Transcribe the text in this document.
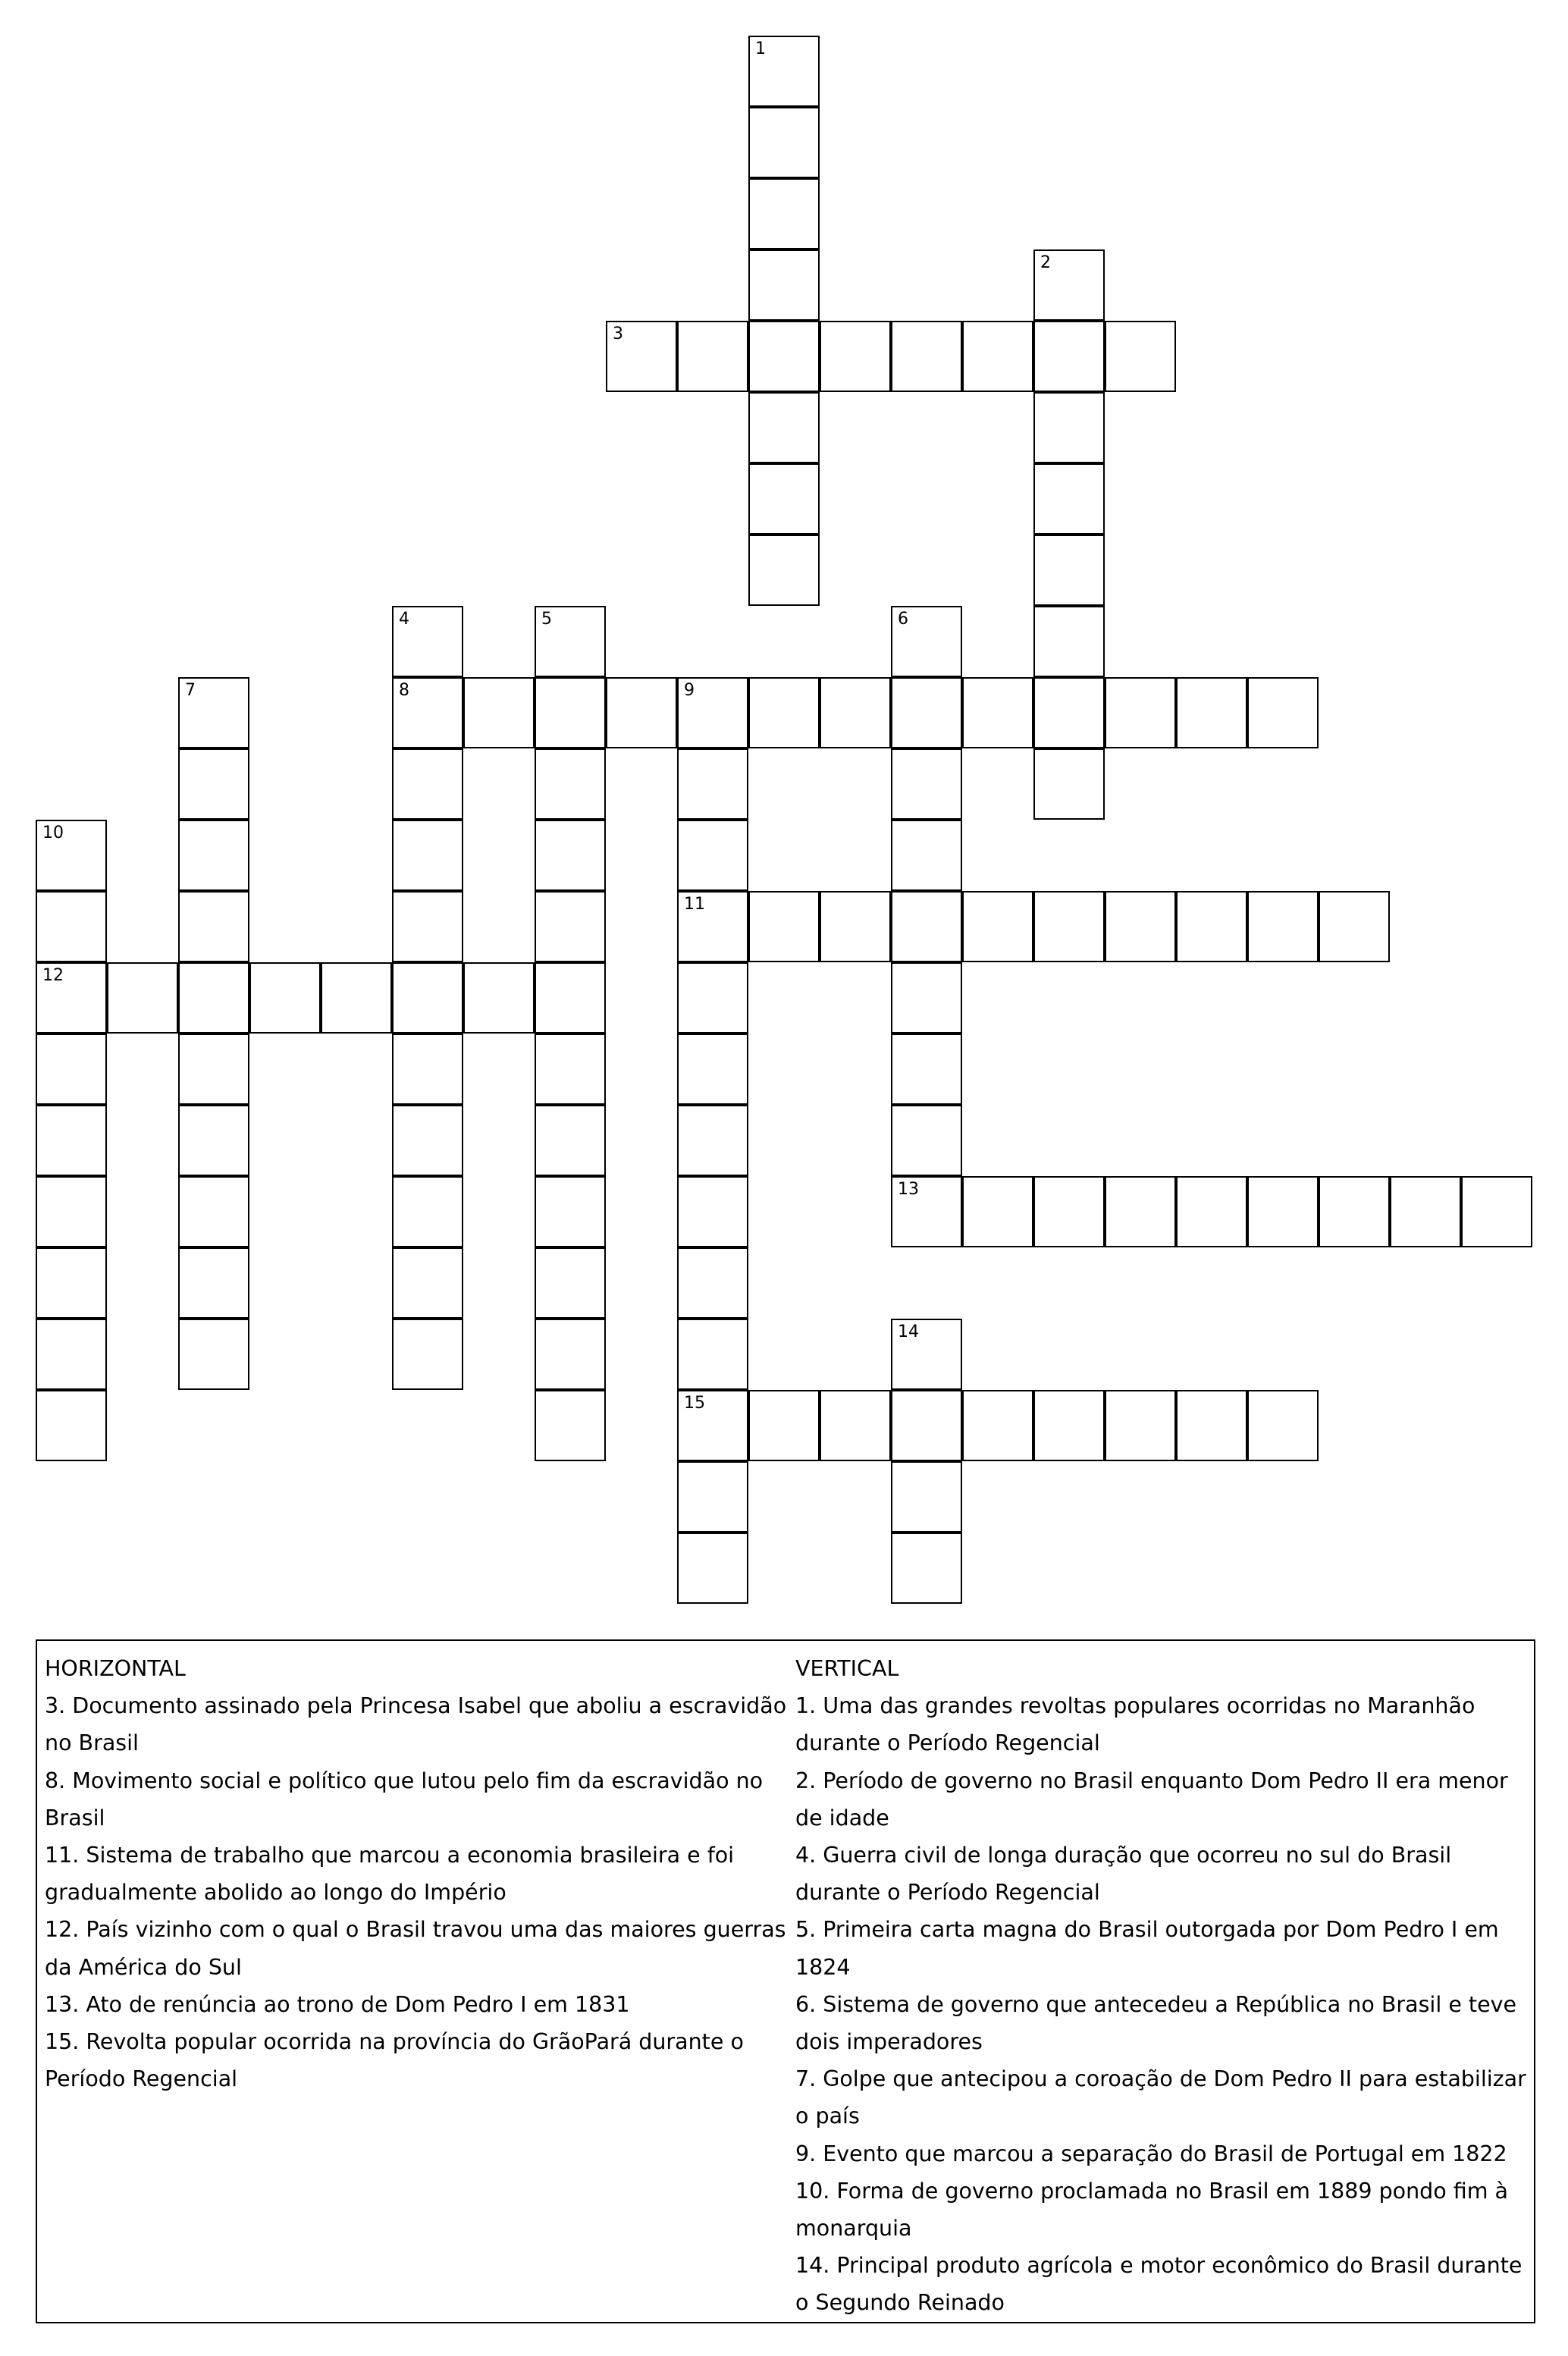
1
2
3
4
8
5	6
7	9
11
15
10
12
13
14
HORIZONTAL
3. Documento assinado pela Princesa Isabel que aboliu a escravidão no Brasil
8. Movimento social e político que lutou pelo fim da escravidão no Brasil
11. Sistema de trabalho que marcou a economia brasileira e foi gradualmente abolido ao longo do Império
12. País vizinho com o qual o Brasil travou uma das maiores guerras da América do Sul
13. Ato de renúncia ao trono de Dom Pedro I em 1831
15. Revolta popular ocorrida na província do GrãoPará durante o Período Regencial
VERTICAL
1. Uma das grandes revoltas populares ocorridas no Maranhão durante o Período Regencial
2. Período de governo no Brasil enquanto Dom Pedro II era menor de idade
4. Guerra civil de longa duração que ocorreu no sul do Brasil durante o Período Regencial
5. Primeira carta magna do Brasil outorgada por Dom Pedro I em 1824
6. Sistema de governo que antecedeu a República no Brasil e teve dois imperadores
7. Golpe que antecipou a coroação de Dom Pedro II para estabilizar o país
9. Evento que marcou a separação do Brasil de Portugal em 1822
10. Forma de governo proclamada no Brasil em 1889 pondo fim à monarquia
14. Principal produto agrícola e motor econômico do Brasil durante o Segundo Reinado
